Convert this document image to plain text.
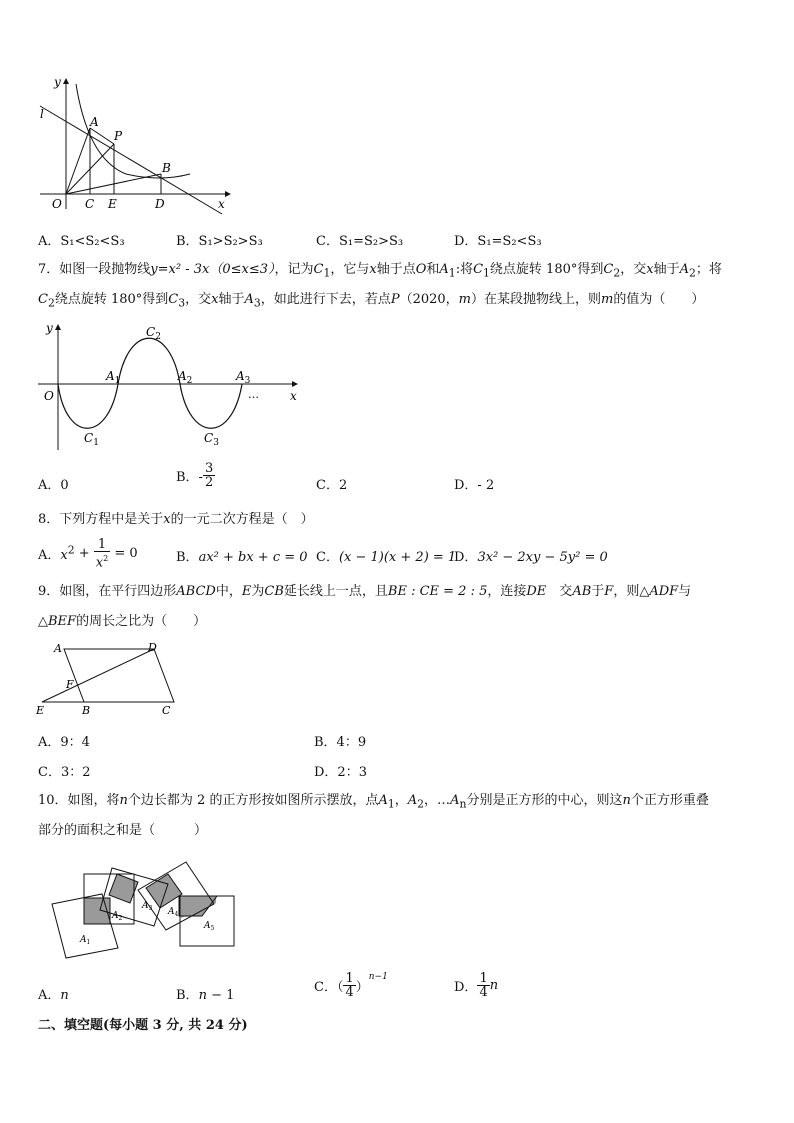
y
l
A
P
B
O C E	D	x
A．S₁<S₂<S₃	B．S₁>S₂>S₃	C．S₁=S₂>S₃	D．S₁=S₂<S₃
7．如图一段抛物线y=x² - 3x（0≤x≤3），记为$C_1$，它与x轴于点O和$A_1$:将$C_1$绕点旋转 180°得到$C_2$，交x轴于$A_2$；将
$C_2$绕点旋转 180°得到$C_3$，交x轴于$A_3$，如此进行下去，若点P（2020，m）在某段抛物线上，则m的值为（　　）
y
O	x
$A_1$	$A_2$	$A_3$
$C_1$
$C_2$
$C_3$
…
A．0
B．- $\frac{3}{2}$	C．2	D．- 2
8．下列方程中是关于x的一元二次方程是（　）
A．$x^2 + \frac{1}{x^2} = 0$	B．ax² + bx + c = 0 C．(x − 1)(x + 2) = 1
D．3x² − 2xy − 5y² = 0
9．如图，在平行四边形ABCD中，E为CB延长线上一点，且BE : CE = 2 : 5，连接DE　交AB于F，则△ADF与
△BEF的周长之比为（　　）
A	D
F
E	B	C
A．9：4	B．4：9
C．3：2	D．2：3
10．如图，将n个边长都为 2 的正方形按如图所示摆放，点$A_1$，$A_2$，$\dots A_n$分别是正方形的中心，则这n个正方形重叠
部分的面积之和是（　　　）
$A_1$
$A_2$
$A_3$ $A_4$
$A_5$
A．n	B．n − 1
C．（ $\frac{1}{4} )^{n-1}$
D． $\frac{1}{4}$ n
二、填空题(每小题 3 分, 共 24 分)
